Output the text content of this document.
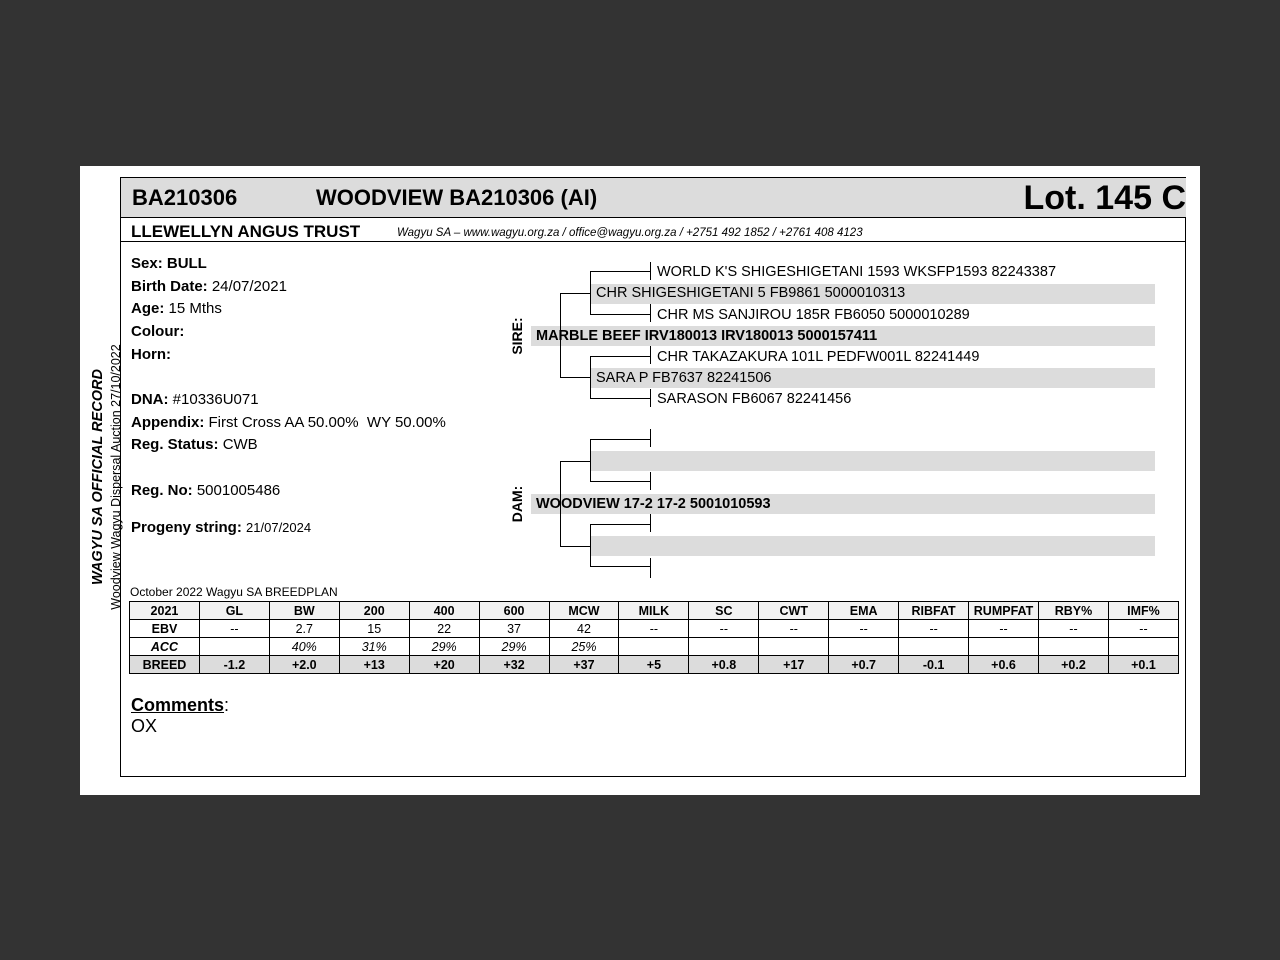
BA210306	WOODVIEW BA210306 (AI)	Lot. 145 C
LLEWELLYN ANGUS TRUST	Wagyu SA – www.wagyu.org.za / office@wagyu.org.za / +2751 492 1852 / +2761 408 4123
WAGYU SA OFFICIAL RECORD Woodview Wagyu Dispersal Auction 27/10/2022
Sex: BULL
Birth Date: 24/07/2021
Age: 15 Mths
Colour:
Horn:
DNA: #10336U071
Appendix: First Cross AA 50.00%  WY 50.00%
Reg. Status: CWB
Reg. No: 5001005486
Progeny string: 21/07/2024
SIRE: MARBLE BEEF IRV180013 IRV180013 5000157411
CHR SHIGESHIGETANI 5 FB9861 5000010313
WORLD K'S SHIGESHIGETANI 1593 WKSFP1593 82243387
CHR MS SANJIROU 185R FB6050 5000010289
SARA P FB7637 82241506
CHR TAKAZAKURA 101L PEDFW001L 82241449
SARASON FB6067 82241456
DAM: WOODVIEW 17-2 17-2 5001010593
October 2022 Wagyu SA BREEDPLAN
2021	GL	BW	200	400	600	MCW	MILK	SC	CWT	EMA	RIBFAT	RUMPFAT	RBY%	IMF%
EBV	--	2.7	15	22	37	42	--	--	--	--	--	--	--	--
ACC		40%	31%	29%	29%	25%								
BREED	-1.2	+2.0	+13	+20	+32	+37	+5	+0.8	+17	+0.7	-0.1	+0.6	+0.2	+0.1
Comments:
OX
